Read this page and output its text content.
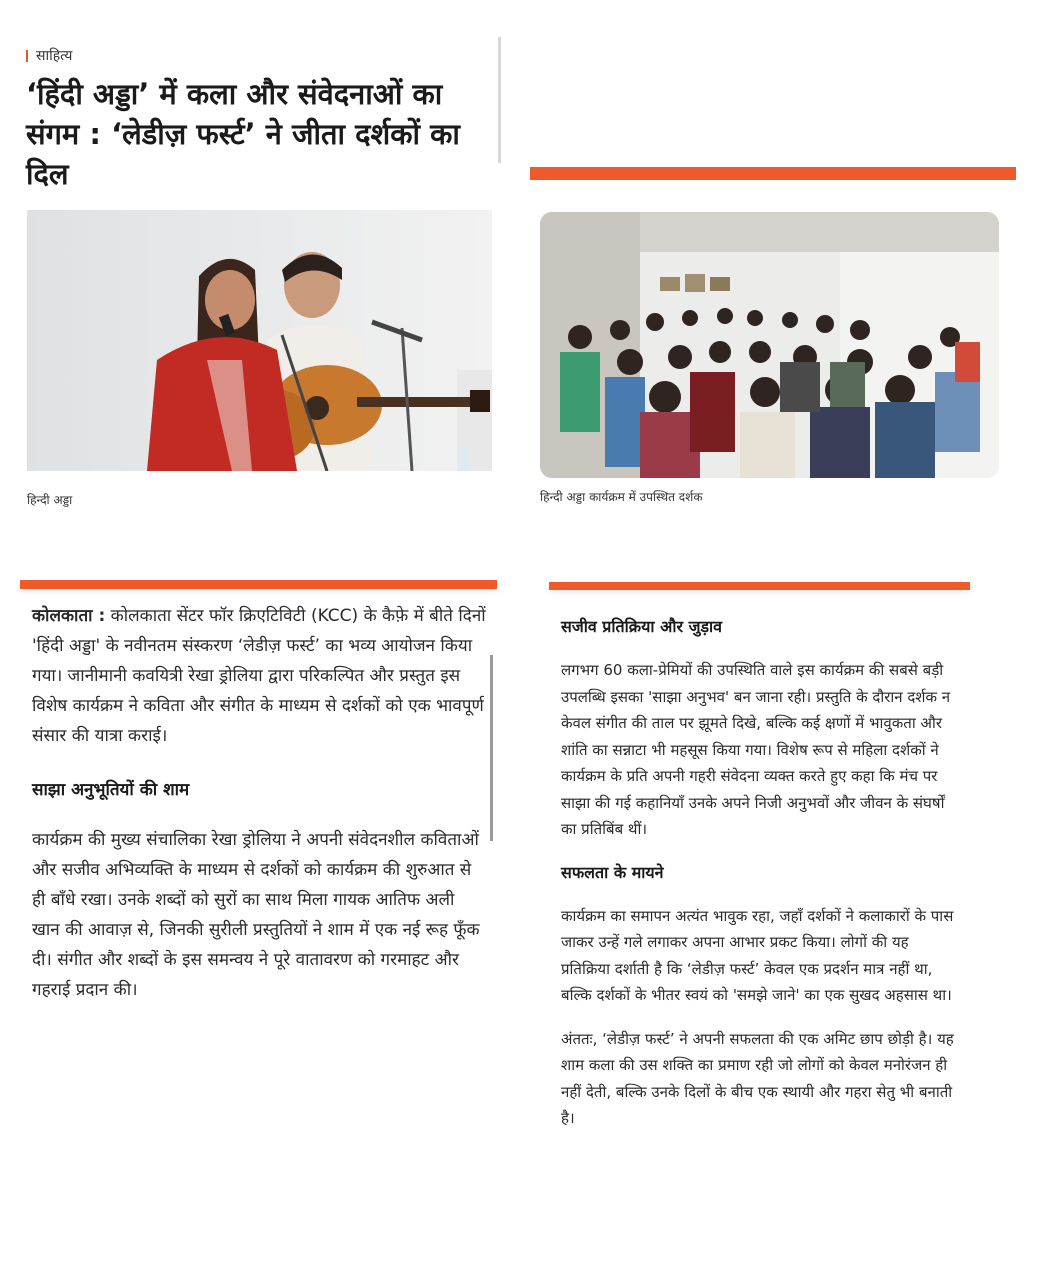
साहित्य
‘हिंदी अड्डा’ में कला और संवेदनाओं का संगम : ‘लेडीज़ फर्स्ट’ ने जीता दर्शकों का दिल
हिन्दी अड्डा	हिन्दी अड्डा कार्यक्रम में उपस्थित दर्शक

कोलकाता : कोलकाता सेंटर फॉर क्रिएटिविटी (KCC) के कैफ़े में बीते दिनों 'हिंदी अड्डा' के नवीनतम संस्करण ‘लेडीज़ फर्स्ट’ का भव्य आयोजन किया गया। जानीमानी कवयित्री रेखा ड्रोलिया द्वारा परिकल्पित और प्रस्तुत इस विशेष कार्यक्रम ने कविता और संगीत के माध्यम से दर्शकों को एक भावपूर्ण संसार की यात्रा कराई।

साझा अनुभूतियों की शाम

कार्यक्रम की मुख्य संचालिका रेखा ड्रोलिया ने अपनी संवेदनशील कविताओं और सजीव अभिव्यक्ति के माध्यम से दर्शकों को कार्यक्रम की शुरुआत से ही बाँधे रखा। उनके शब्दों को सुरों का साथ मिला गायक आतिफ अली खान की आवाज़ से, जिनकी सुरीली प्रस्तुतियों ने शाम में एक नई रूह फूँक दी। संगीत और शब्दों के इस समन्वय ने पूरे वातावरण को गरमाहट और गहराई प्रदान की।

सजीव प्रतिक्रिया और जुड़ाव

लगभग 60 कला-प्रेमियों की उपस्थिति वाले इस कार्यक्रम की सबसे बड़ी उपलब्धि इसका 'साझा अनुभव' बन जाना रही। प्रस्तुति के दौरान दर्शक न केवल संगीत की ताल पर झूमते दिखे, बल्कि कई क्षणों में भावुकता और शांति का सन्नाटा भी महसूस किया गया। विशेष रूप से महिला दर्शकों ने कार्यक्रम के प्रति अपनी गहरी संवेदना व्यक्त करते हुए कहा कि मंच पर साझा की गई कहानियाँ उनके अपने निजी अनुभवों और जीवन के संघर्षों का प्रतिबिंब थीं।

सफलता के मायने

कार्यक्रम का समापन अत्यंत भावुक रहा, जहाँ दर्शकों ने कलाकारों के पास जाकर उन्हें गले लगाकर अपना आभार प्रकट किया। लोगों की यह प्रतिक्रिया दर्शाती है कि ‘लेडीज़ फर्स्ट’ केवल एक प्रदर्शन मात्र नहीं था, बल्कि दर्शकों के भीतर स्वयं को 'समझे जाने' का एक सुखद अहसास था।

अंततः, ‘लेडीज़ फर्स्ट’ ने अपनी सफलता की एक अमिट छाप छोड़ी है। यह शाम कला की उस शक्ति का प्रमाण रही जो लोगों को केवल मनोरंजन ही नहीं देती, बल्कि उनके दिलों के बीच एक स्थायी और गहरा सेतु भी बनाती है।
